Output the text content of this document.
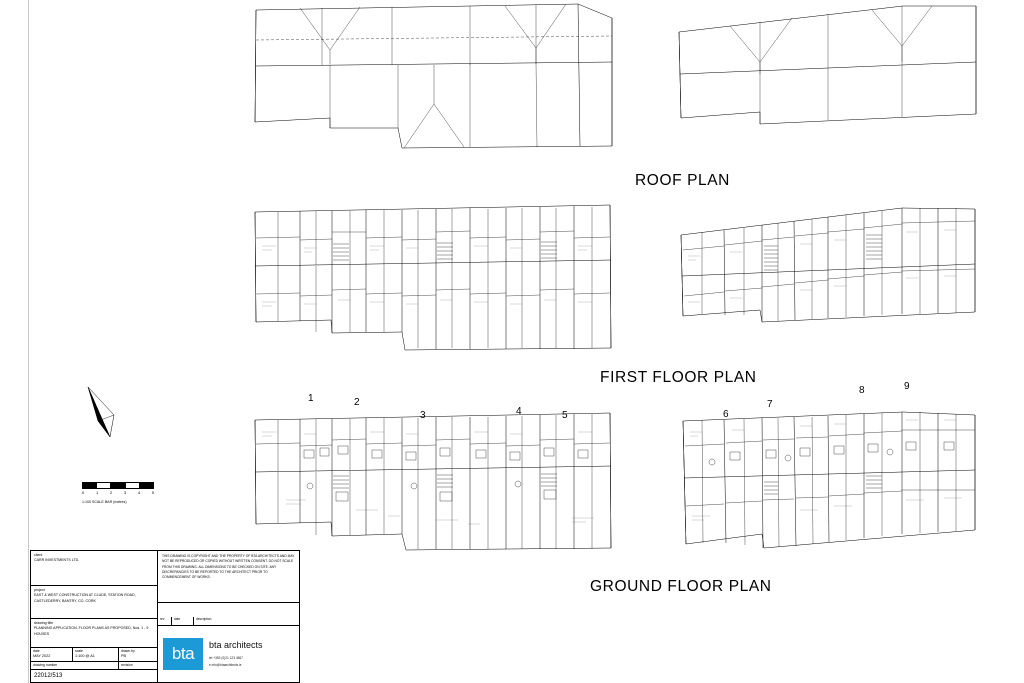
ROOF PLAN
FIRST FLOOR PLAN
GROUND FLOOR PLAN
1	2
3	4	5	6
7
8	9
0	1	2	3	4	5
1:100 SCALE BAR (metres)
client
CARR INVESTMENTS LTD.
project
EAST & WEST CONSTRUCTION AT CLUDE, STATION ROAD, CASTLEDERRY, BANTRY, CO. CORK
drawing title
PLANNING APPLICATION, FLOOR PLANS AS PROPOSED, Nos. 1 - 9 HOUSES
date
MAY 2022
scale
1:100 @ A1
drawn by
PB
drawing number	revision
22012/513
THIS DRAWING IS COPYRIGHT AND THE PROPERTY OF BTA ARCHITECTS AND MAY NOT BE REPRODUCED OR COPIED WITHOUT WRITTEN CONSENT. DO NOT SCALE FROM THIS DRAWING. ALL DIMENSIONS TO BE CHECKED ON SITE. ANY DISCREPANCIES TO BE REPORTED TO THE ARCHITECT PRIOR TO COMMENCEMENT OF WORKS.
rev	date	description
bta	bta architects
tel +353 (0)21 123 4567
e info@btaarchitects.ie
